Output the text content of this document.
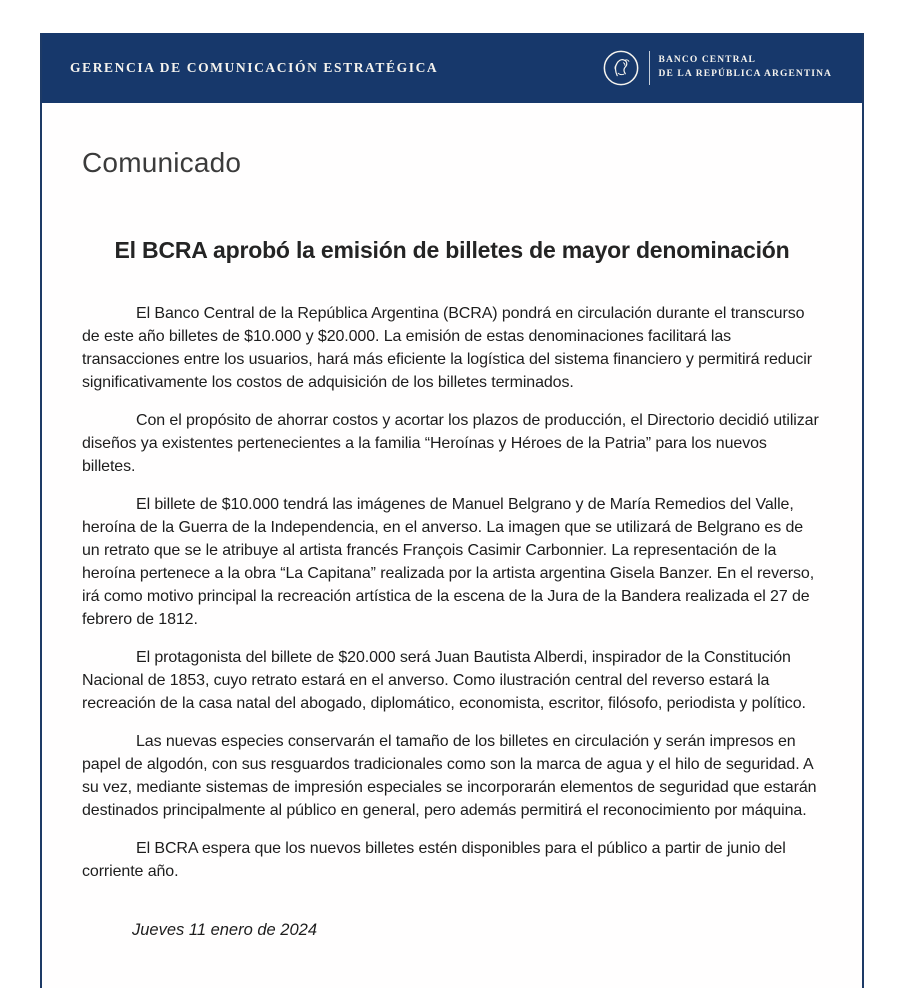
GERENCIA DE COMUNICACIÓN ESTRATÉGICA	BANCO CENTRAL
DE LA REPÚBLICA ARGENTINA
Comunicado
El BCRA aprobó la emisión de billetes de mayor denominación

El Banco Central de la República Argentina (BCRA) pondrá en circulación durante el transcurso de este año billetes de $10.000 y $20.000. La emisión de estas denominaciones facilitará las transacciones entre los usuarios, hará más eficiente la logística del sistema financiero y permitirá reducir significativamente los costos de adquisición de los billetes terminados.

Con el propósito de ahorrar costos y acortar los plazos de producción, el Directorio decidió utilizar diseños ya existentes pertenecientes a la familia “Heroínas y Héroes de la Patria” para los nuevos billetes.

El billete de $10.000 tendrá las imágenes de Manuel Belgrano y de María Remedios del Valle, heroína de la Guerra de la Independencia, en el anverso. La imagen que se utilizará de Belgrano es de un retrato que se le atribuye al artista francés François Casimir Carbonnier. La representación de la heroína pertenece a la obra “La Capitana” realizada por la artista argentina Gisela Banzer. En el reverso, irá como motivo principal la recreación artística de la escena de la Jura de la Bandera realizada el 27 de febrero de 1812.

El protagonista del billete de $20.000 será Juan Bautista Alberdi, inspirador de la Constitución Nacional de 1853, cuyo retrato estará en el anverso. Como ilustración central del reverso estará la recreación de la casa natal del abogado, diplomático, economista, escritor, filósofo, periodista y político.

Las nuevas especies conservarán el tamaño de los billetes en circulación y serán impresos en papel de algodón, con sus resguardos tradicionales como son la marca de agua y el hilo de seguridad. A su vez, mediante sistemas de impresión especiales se incorporarán elementos de seguridad que estarán destinados principalmente al público en general, pero además permitirá el reconocimiento por máquina.

El BCRA espera que los nuevos billetes estén disponibles para el público a partir de junio del corriente año.

Jueves 11 enero de 2024
